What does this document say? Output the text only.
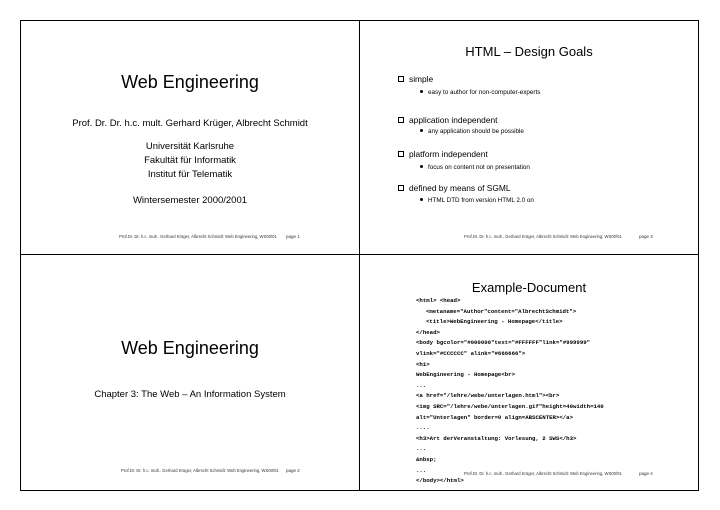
Web Engineering
Prof. Dr. Dr. h.c. mult. Gerhard Krüger, Albrecht Schmidt
Universität Karlsruhe
Fakultät für Informatik
Institut für Telematik
Wintersemester 2000/2001
Prof.Dr. Dr. h.c. mult.. Gerhard Krüger, Albrecht Schmidt: Web Engineering, WS00/01 page 1
HTML – Design Goals
simple
easy to author for non-computer-experts
application independent
any application should be possible
platform independent
focus on content not on presentation
defined by means of SGML
HTML DTD from version HTML 2.0 on
Prof.Dr. Dr. h.c. mult.. Gerhard Krüger, Albrecht Schmidt: Web Engineering, WS00/01	page 3
Web Engineering
Chapter 3: The Web – An Information System
Prof.Dr. Dr. h.c. mult.. Gerhard Krüger, Albrecht Schmidt: Web Engineering, WS00/01 page 2
Example-Document
<html> <head>
<metaname="Author"content="AlbrechtSchmidt">
<title>WebEngineering - Homepage</title>
</head>
<body bgcolor="#000000"text="#FFFFFF"link="#999999"
vlink="#CCCCCC" alink="#666666">
<h1>
WebEngineering - Homepage<br>
...
<a href="/lehre/webe/unterlagen.html"><br>
<img SRC="/lehre/webe/unterlagen.gif"height=40width=140
alt="Unterlagen" border=0 align=ABSCENTER></a>
....
<h3>Art derVeranstaltung: Vorlesung, 2 SWS</h3>
...
&nbsp;
...
</body></html>
Prof.Dr. Dr. h.c. mult.. Gerhard Krüger, Albrecht Schmidt: Web Engineering, WS00/01	page 4
